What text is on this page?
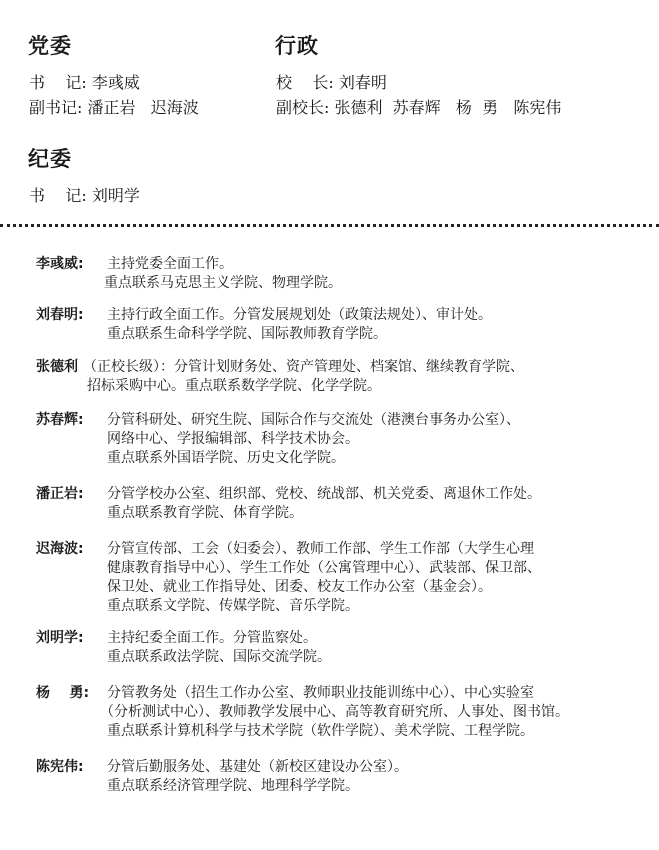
党委
书    记: 李彧威
副书记: 潘正岩   迟海波
行政
校    长: 刘春明
副校长: 张德利  苏春辉   杨  勇   陈宪伟
纪委
书    记: 刘明学
李彧威:	主持党委全面工作。
重点联系马克思主义学院、物理学院。
刘春明:	主持行政全面工作。分管发展规划处（政策法规处）、审计处。
重点联系生命科学学院、国际教师教育学院。
张德利 （正校长级）：分管计划财务处、资产管理处、档案馆、继续教育学院、
招标采购中心。重点联系数学学院、化学学院。
苏春辉:	分管科研处、研究生院、国际合作与交流处（港澳台事务办公室）、
网络中心、学报编辑部、科学技术协会。
重点联系外国语学院、历史文化学院。
潘正岩:	分管学校办公室、组织部、党校、统战部、机关党委、离退休工作处。
重点联系教育学院、体育学院。
迟海波:	分管宣传部、工会（妇委会）、教师工作部、学生工作部（大学生心理
健康教育指导中心）、学生工作处（公寓管理中心）、武装部、保卫部、
保卫处、就业工作指导处、团委、校友工作办公室（基金会）。
重点联系文学院、传媒学院、音乐学院。
刘明学:	主持纪委全面工作。分管监察处。
重点联系政法学院、国际交流学院。
杨    勇:	分管教务处（招生工作办公室、教师职业技能训练中心）、中心实验室
（分析测试中心）、教师教学发展中心、高等教育研究所、人事处、图书馆。
重点联系计算机科学与技术学院（软件学院）、美术学院、工程学院。
陈宪伟:	分管后勤服务处、基建处（新校区建设办公室）。
重点联系经济管理学院、地理科学学院。
